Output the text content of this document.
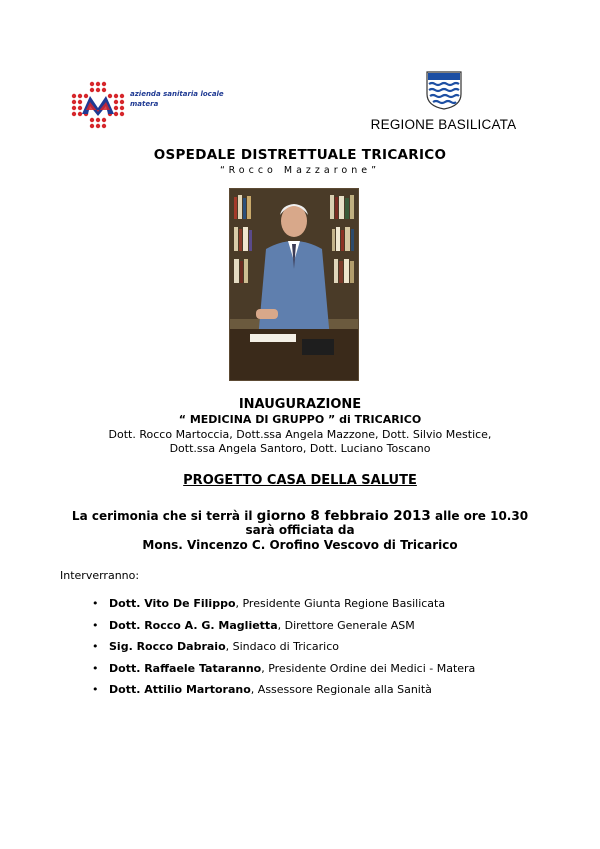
azienda sanitaria locale
matera
REGIONE BASILICATA
OSPEDALE DISTRETTUALE TRICARICO
“Rocco Mazzarone”
INAUGURAZIONE
“ MEDICINA DI GRUPPO ” di TRICARICO
Dott. Rocco Martoccia, Dott.ssa Angela Mazzone, Dott. Silvio Mestice,
Dott.ssa Angela Santoro, Dott. Luciano Toscano
PROGETTO CASA DELLA SALUTE
La cerimonia che si terrà il giorno 8 febbraio 2013 alle ore 10.30
sarà officiata da
Mons. Vincenzo C. Orofino Vescovo di Tricarico
Interverranno:
• Dott. Vito De Filippo, Presidente Giunta Regione Basilicata
• Dott. Rocco A. G. Maglietta, Direttore Generale ASM
• Sig. Rocco Dabraio, Sindaco di Tricarico
• Dott. Raffaele Tataranno, Presidente Ordine dei Medici - Matera
• Dott. Attilio Martorano, Assessore Regionale alla Sanità
